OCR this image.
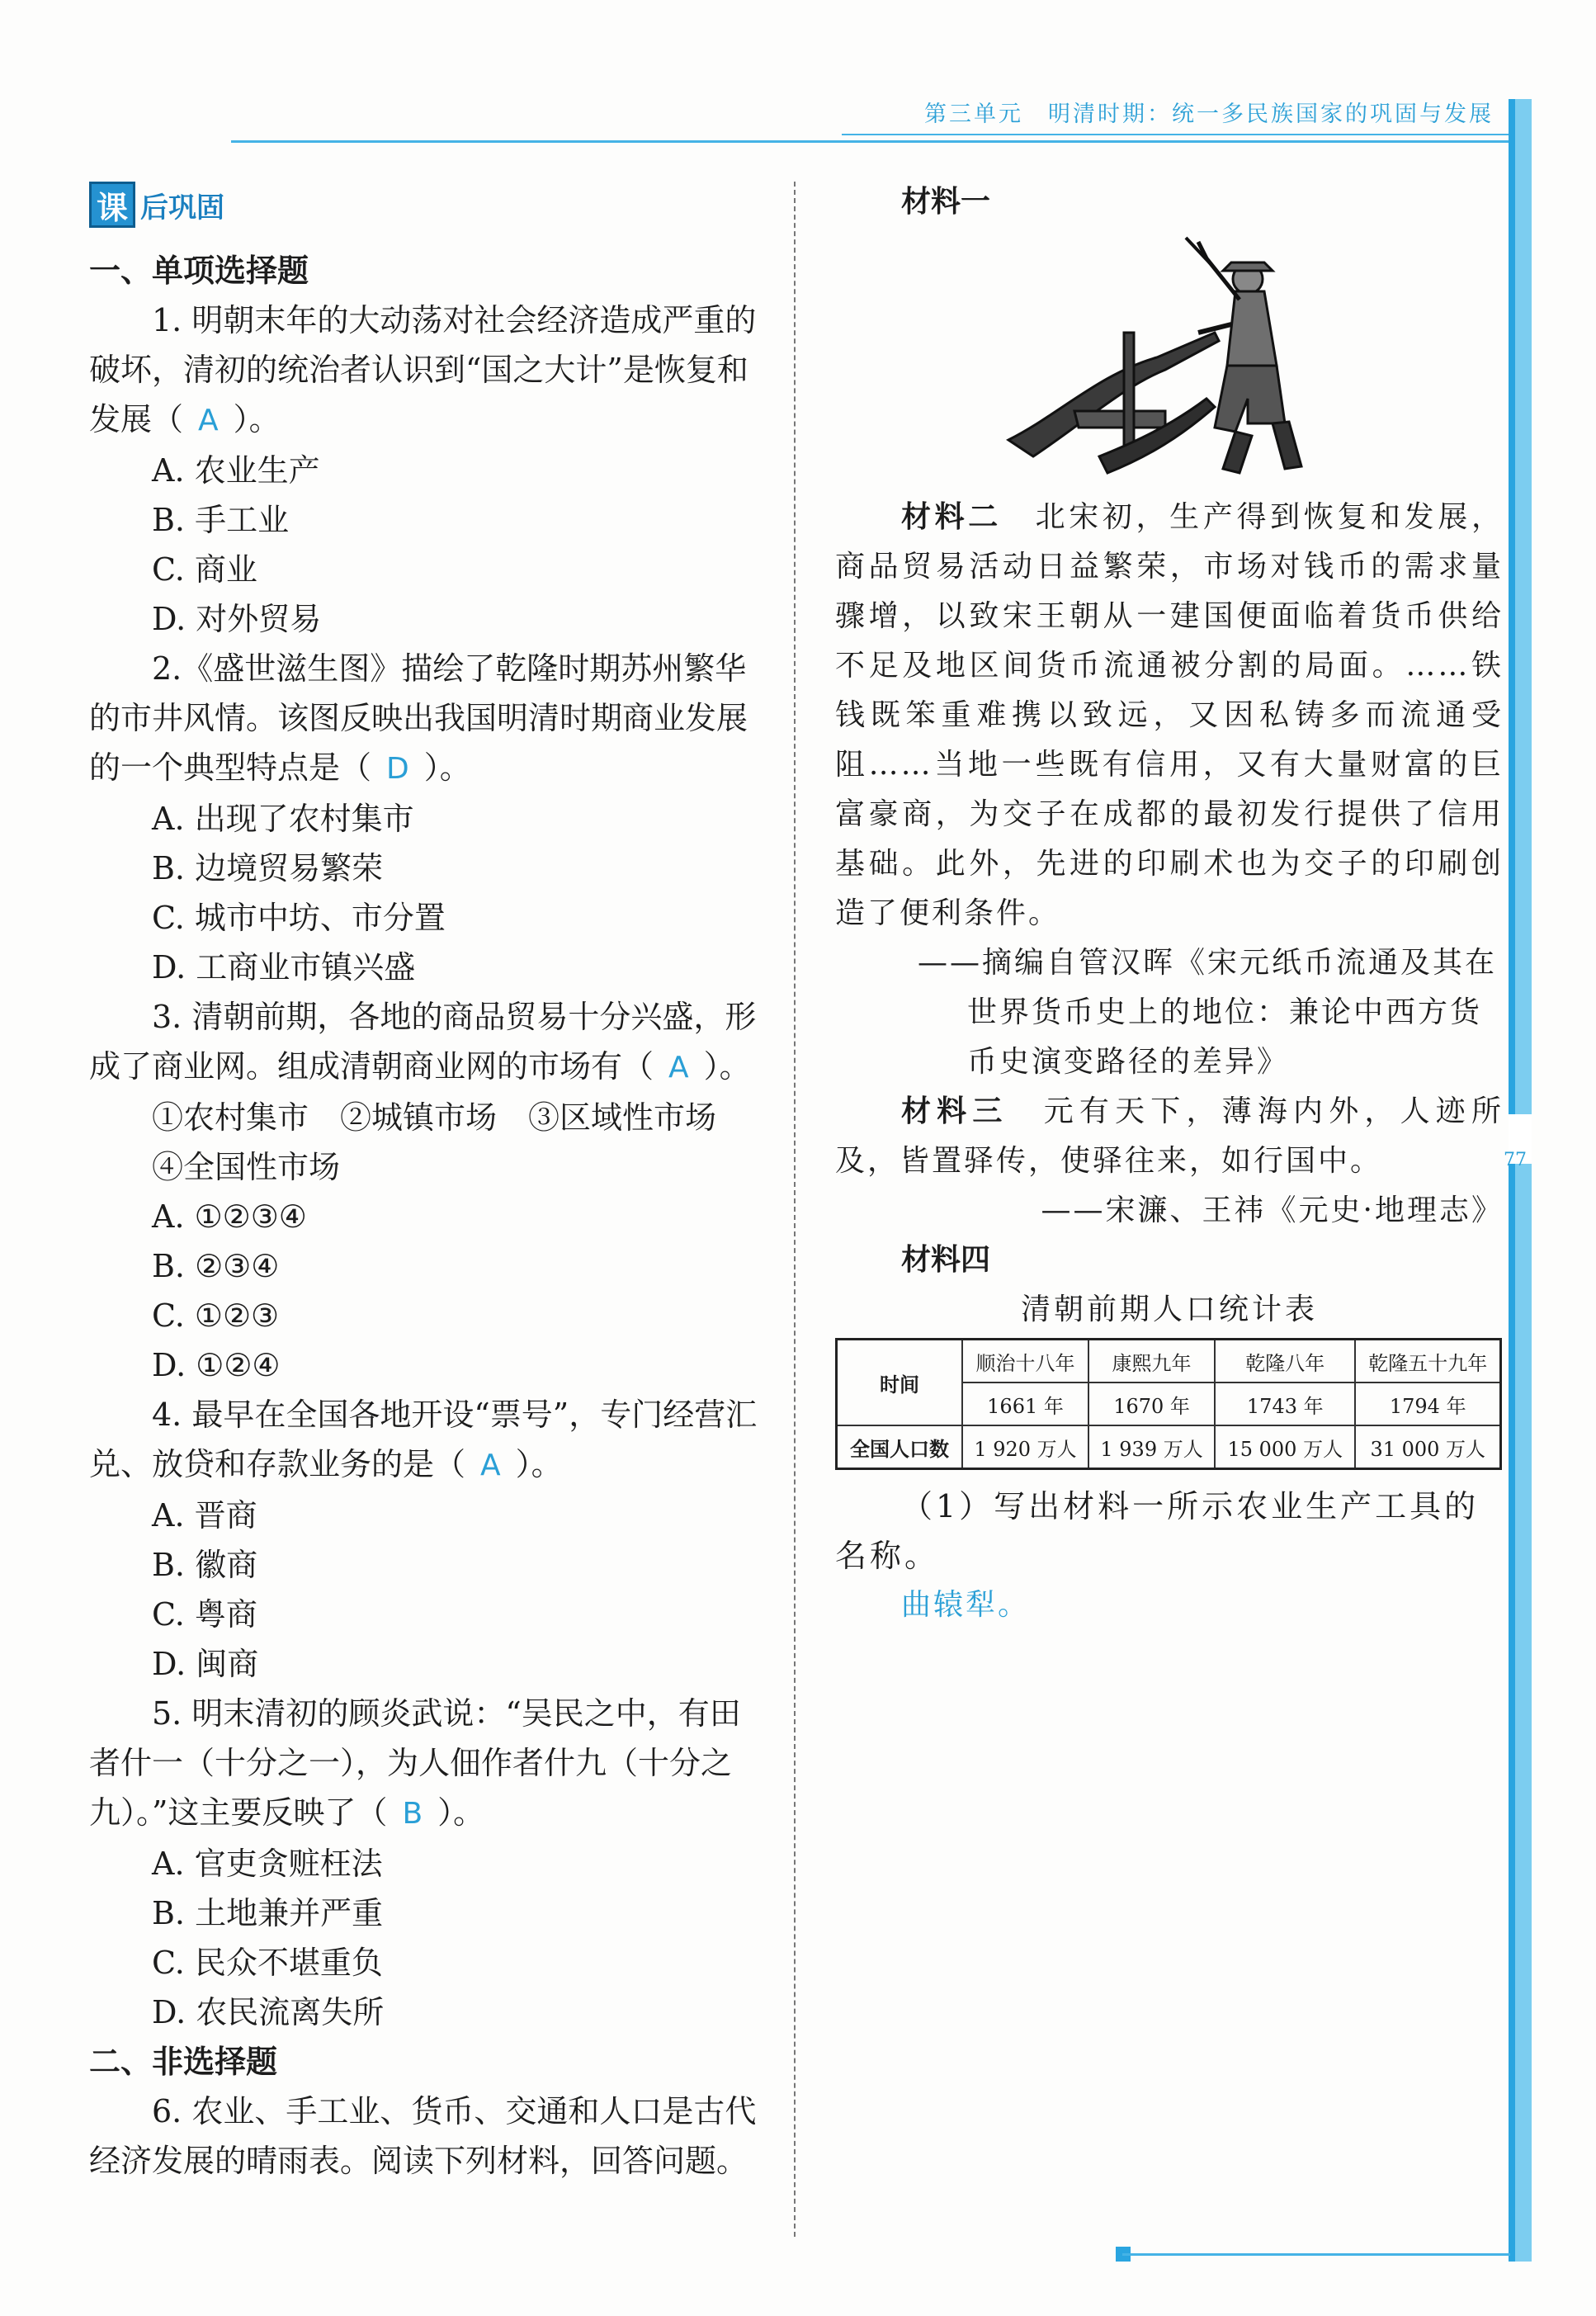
第三单元　明清时期：统一多民族国家的巩固与发展
77
课 后巩固
一、单项选择题
1. 明朝末年的大动荡对社会经济造成严重的破坏，清初的统治者认识到“国之大计”是恢复和发展（ A ）。
A. 农业生产
B. 手工业
C. 商业
D. 对外贸易
2.《盛世滋生图》描绘了乾隆时期苏州繁华的市井风情。该图反映出我国明清时期商业发展的一个典型特点是（ D ）。
A. 出现了农村集市
B. 边境贸易繁荣
C. 城市中坊、市分置
D. 工商业市镇兴盛
3. 清朝前期，各地的商品贸易十分兴盛，形成了商业网。组成清朝商业网的市场有（ A ）。
①农村集市　②城镇市场　③区域性市场
④全国性市场
A. ①②③④
B. ②③④
C. ①②③
D. ①②④
4. 最早在全国各地开设“票号”，专门经营汇兑、放贷和存款业务的是（ A ）。
A. 晋商
B. 徽商
C. 粤商
D. 闽商
5. 明末清初的顾炎武说：“吴民之中，有田者什一（十分之一），为人佃作者什九（十分之九）。”这主要反映了（ B ）。
A. 官吏贪赃枉法
B. 土地兼并严重
C. 民众不堪重负
D. 农民流离失所
二、非选择题
6. 农业、手工业、货币、交通和人口是古代经济发展的晴雨表。阅读下列材料，回答问题。
材料一
材料二　 北宋初，生产得到恢复和发展，商品贸易活动日益繁荣，市场对钱币的需求量骤增，以致宋王朝从一建国便面临着货币供给不足及地区间货币流通被分割的局面。……铁钱既笨重难携以致远，又因私铸多而流通受阻……当地一些既有信用，又有大量财富的巨富豪商，为交子在成都的最初发行提供了信用基础。此外，先进的印刷术也为交子的印刷创造了便利条件。
——摘编自管汉晖《宋元纸币流通及其在世界货币史上的地位：兼论中西方货币史演变路径的差异》
材料三　 元有天下，薄海内外，人迹所及，皆置驿传，使驿往来，如行国中。
——宋濂、王祎《元史·地理志》
材料四
清朝前期人口统计表
时间	顺治十八年	康熙九年	乾隆八年	乾隆五十九年
	1661 年	1670 年	1743 年	1794 年
全国人口数	1 920 万人	1 939 万人	15 000 万人	31 000 万人
（1）写出材料一所示农业生产工具的名称。
曲辕犁。
